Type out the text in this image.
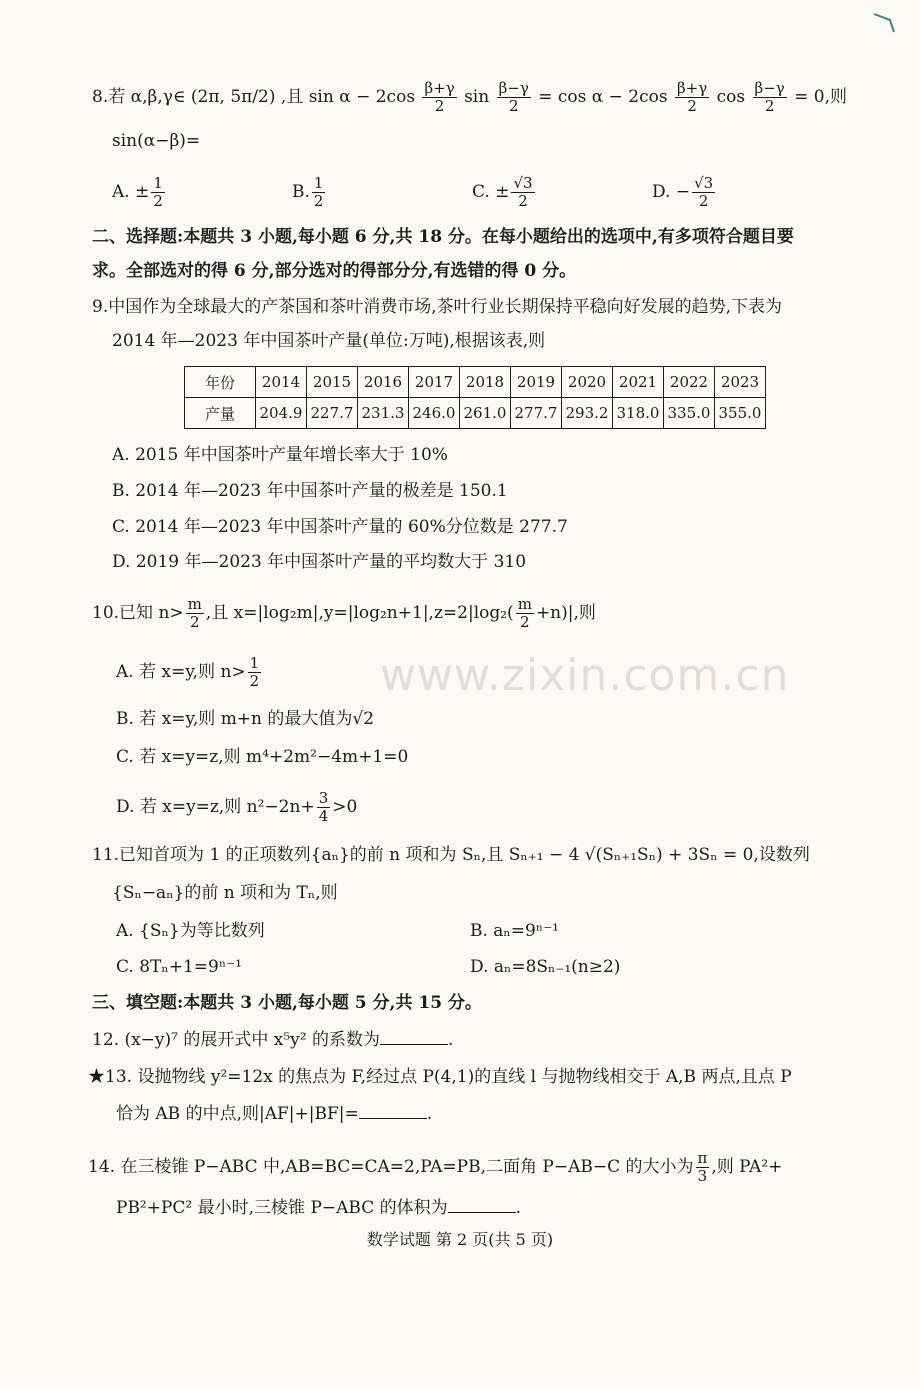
8.若 α,β,γ∈ (2π, 5π/2) ,且 $\sin \alpha - 2\cos \frac{\beta+\gamma}{2}$ $\sin \frac{\beta-\gamma}{2} = \cos \alpha - 2\cos \frac{\beta+\gamma}{2}$ $\cos \frac{\beta-\gamma}{2} = 0$,则
sin(α−β)=
A. ± $\frac{1}{2}$	B. $\frac{1}{2}$	C. ± $\frac{√3}{2}$	D. − $\frac{√3}{2}$
二、选择题:本题共 3 小题,每小题 6 分,共 18 分。在每小题给出的选项中,有多项符合题目要
求。全部选对的得 6 分,部分选对的得部分分,有选错的得 0 分。
9.中国作为全球最大的产茶国和茶叶消费市场,茶叶行业长期保持平稳向好发展的趋势,下表为
2014 年—2023 年中国茶叶产量(单位:万吨),根据该表,则
年份	2014	2015	2016	2017	2018	2019	2020	2021	2022	2023
产量	204.9	227.7	231.3	246.0	261.0	277.7	293.2	318.0	335.0	355.0
A. 2015 年中国茶叶产量年增长率大于 10%
B. 2014 年—2023 年中国茶叶产量的极差是 150.1
C. 2014 年—2023 年中国茶叶产量的 60%分位数是 277.7
D. 2019 年—2023 年中国茶叶产量的平均数大于 310
10.已知 $n> \frac{m}{2}$ ,且 $x=|\log_2m|,y=|\log_2n+1|,z=2|\log_2( \frac{m}{2} +n)|$,则
A. 若 x=y,则 $n> \frac{1}{2}$
B. 若 x=y,则 m+n 的最大值为√2
C. 若 x=y=z,则 m⁴+2m²−4m+1=0
D. 若 x=y=z,则 $n^2-2n+ \frac{3}{4} >0$
11.已知首项为 1 的正项数列{aₙ}的前 n 项和为 Sₙ,且 Sₙ₊₁ − 4 √(Sₙ₊₁Sₙ) + 3Sₙ = 0,设数列
{Sₙ−aₙ}的前 n 项和为 Tₙ,则
A. {Sₙ}为等比数列	B. aₙ=9ⁿ⁻¹
C. 8Tₙ+1=9ⁿ⁻¹	D. aₙ=8Sₙ₋₁(n≥2)
三、填空题:本题共 3 小题,每小题 5 分,共 15 分。
12. (x−y)⁷ 的展开式中 x⁵y² 的系数为	.
★13. 设抛物线 y²=12x 的焦点为 F,经过点 P(4,1)的直线 l 与抛物线相交于 A,B 两点,且点 P
恰为 AB 的中点,则|AF|+|BF|=	.
14. 在三棱锥 P−ABC 中,AB=BC=CA=2,PA=PB,二面角 P−AB−C 的大小为 $\frac{\pi}{3}$ ,则 PA²+
PB²+PC² 最小时,三棱锥 P−ABC 的体积为	.
数学试题 第 2 页(共 5 页)
www.zixin.com.cn
